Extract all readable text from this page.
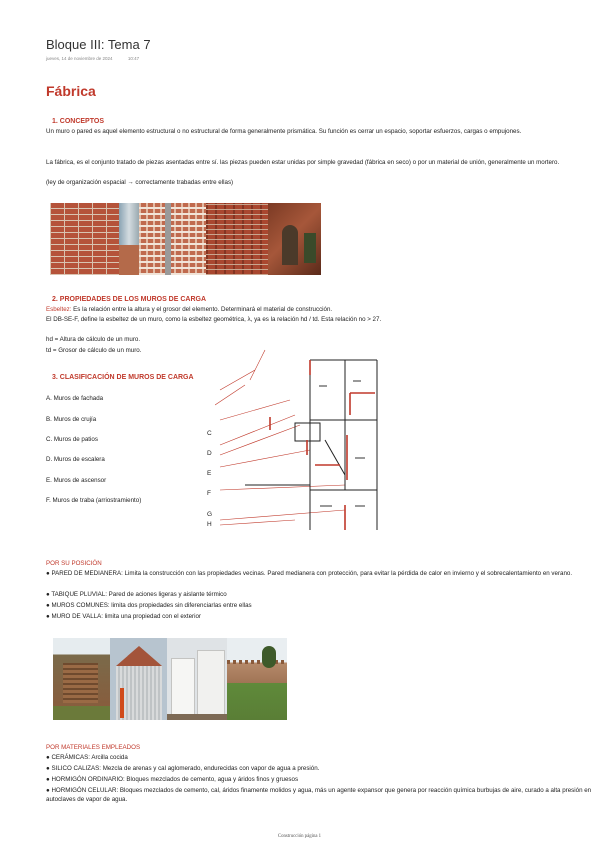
Bloque III: Tema 7
jueves, 14 de noviembre de 2024	10:47
Fábrica
1. CONCEPTOS
Un muro o pared es aquel elemento estructural o no estructural de forma generalmente prismática. Su función es cerrar un espacio, soportar esfuerzos, cargas o empujones.
La fábrica, es el conjunto tratado de piezas asentadas entre sí. las piezas pueden estar unidas por simple gravedad (fábrica en seco) o por un material de unión, generalmente un mortero.
(ley de organización espacial → correctamente trabadas entre ellas)
2. PROPIEDADES DE LOS MUROS DE CARGA
Esbeltez: Es la relación entre la altura y el grosor del elemento. Determinará el material de construcción.
El DB-SE-F, define la esbeltez de un muro, como la esbeltez geométrica, λ, ya es la relación hd / td. Esta relación no > 27.
hd = Altura de cálculo de un muro.
td = Grosor de cálculo de un muro.
3. CLASIFICACIÓN DE MUROS DE CARGA
A. Muros de fachada
B. Muros de crujía
C. Muros de patios
D. Muros de escalera
E. Muros de ascensor
F. Muros de traba (arriostramiento)
C
D
E
F
G
H
POR SU POSICIÓN
● PARED DE MEDIANERA: Limita la construcción con las propiedades vecinas. Pared medianera con protección, para evitar la pérdida de calor en invierno y el sobrecalentamiento en verano.
● TABIQUE PLUVIAL: Pared de aciones ligeras y aislante térmico
● MUROS COMUNES: limita dos propiedades sin diferenciarlas entre ellas
● MURO DE VALLA: limita una propiedad con el exterior
POR MATERIALES EMPLEADOS
● CERÁMICAS: Arcilla cocida
● SILICO CALIZAS: Mezcla de arenas y cal aglomerado, endurecidas con vapor de agua a presión.
● HORMIGÓN ORDINARIO: Bloques mezclados de cemento, agua y áridos finos y gruesos
● HORMIGÓN CELULAR: Bloques mezclados de cemento, cal, áridos finamente molidos y agua, más un agente expansor que genera por reacción química burbujas de aire, curado a alta presión en autoclaves de vapor de agua.
Construcción página 1
